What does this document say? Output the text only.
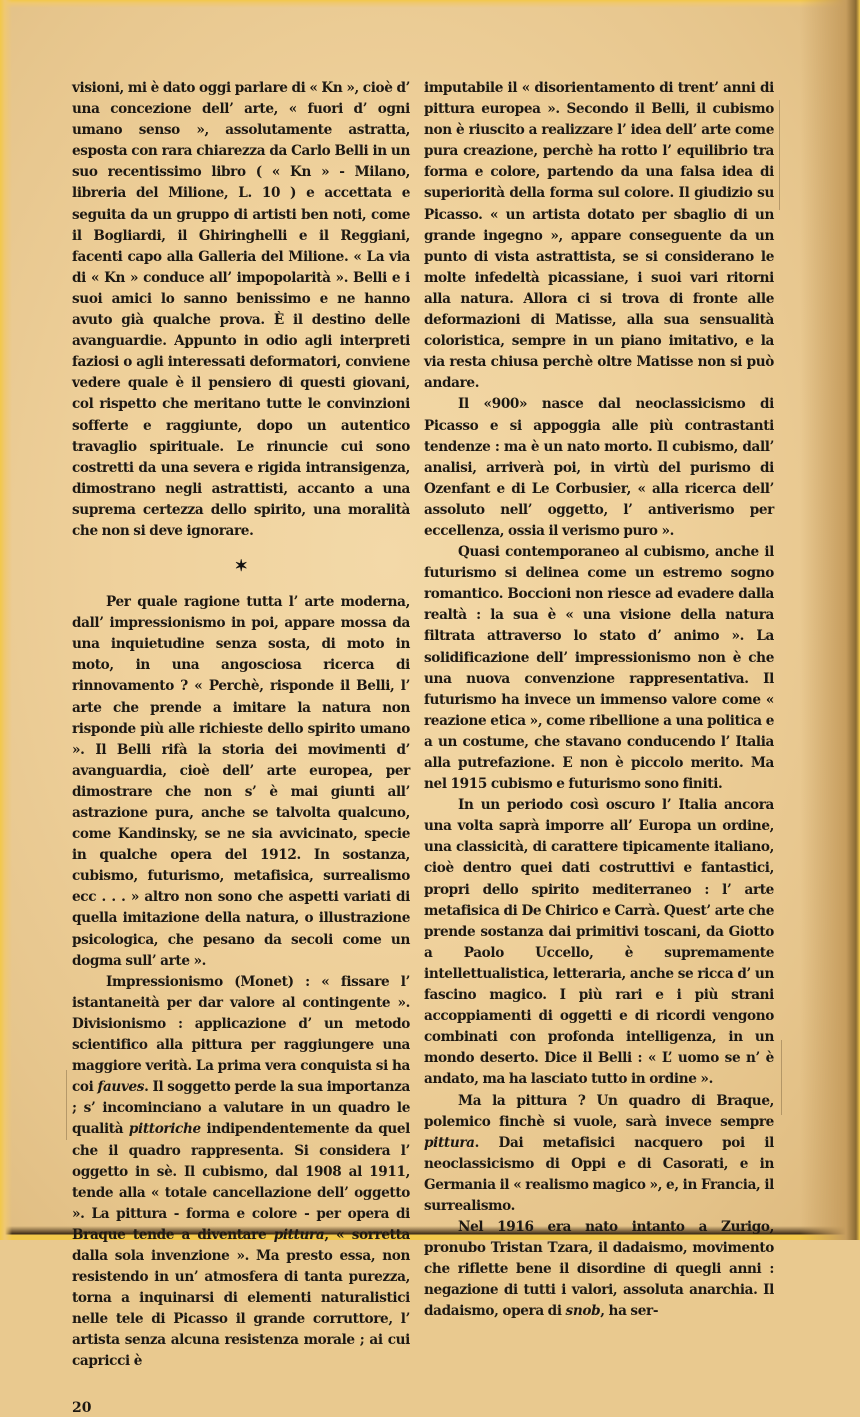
visioni, mi è dato oggi parlare di « Kn », cioè d’ una concezione dell’ arte, « fuori d’ ogni umano senso », assolutamente astratta, esposta con rara chiarezza da Carlo Belli in un suo recentissimo libro ( « Kn » - Milano, libreria del Milione, L. 10 ) e accettata e seguita da un gruppo di artisti ben noti, come il Bogliardi, il Ghiringhelli e il Reggiani, facenti capo alla Galleria del Milione. « La via di « Kn » conduce all’ impopolarità ». Belli e i suoi amici lo sanno benissimo e ne hanno avuto già qualche prova. È il destino delle avanguardie. Appunto in odio agli interpreti faziosi o agli interessati deformatori, conviene vedere quale è il pensiero di questi giovani, col rispetto che meritano tutte le convinzioni sofferte e raggiunte, dopo un autentico travaglio spirituale. Le rinuncie cui sono costretti da una severa e rigida intransigenza, dimostrano negli astrattisti, accanto a una suprema certezza dello spirito, una moralità che non si deve ignorare.

✶

Per quale ragione tutta l’ arte moderna, dall’ impressionismo in poi, appare mossa da una inquietudine senza sosta, di moto in moto, in una angosciosa ricerca di rinnovamento ? « Perchè, risponde il Belli, l’ arte che prende a imitare la natura non risponde più alle richieste dello spirito umano ». Il Belli rifà la storia dei movimenti d’ avanguardia, cioè dell’ arte europea, per dimostrare che non s’ è mai giunti all’ astrazione pura, anche se talvolta qualcuno, come Kandinsky, se ne sia avvicinato, specie in qualche opera del 1912. In sostanza, cubismo, futurismo, metafisica, surrealismo ecc . . . » altro non sono che aspetti variati di quella imitazione della natura, o illustrazione psicologica, che pesano da secoli come un dogma sull’ arte ».

Impressionismo (Monet) : « fissare l’ istantaneità per dar valore al contingente ». Divisionismo : applicazione d’ un metodo scientifico alla pittura per raggiungere una maggiore verità. La prima vera conquista si ha coi fauves. Il soggetto perde la sua importanza ; s’ incominciano a valutare in un quadro le qualità pittoriche indipendentemente da quel che il quadro rappresenta. Si considera l’ oggetto in sè. Il cubismo, dal 1908 al 1911, tende alla « totale cancellazione dell’ oggetto ». La pittura - forma e colore - per opera di Braque tende a diventare pittura, « sorretta dalla sola invenzione ». Ma presto essa, non resistendo in un’ atmosfera di tanta purezza, torna a inquinarsi di elementi naturalistici nelle tele di Picasso il grande corruttore, l’ artista senza alcuna resistenza morale ; ai cui capricci è

20

imputabile il « disorientamento di trent’ anni di pittura europea ». Secondo il Belli, il cubismo non è riuscito a realizzare l’ idea dell’ arte come pura creazione, perchè ha rotto l’ equilibrio tra forma e colore, partendo da una falsa idea di superiorità della forma sul colore. Il giudizio su Picasso. « un artista dotato per sbaglio di un grande ingegno », appare conseguente da un punto di vista astrattista, se si considerano le molte infedeltà picassiane, i suoi vari ritorni alla natura. Allora ci si trova di fronte alle deformazioni di Matisse, alla sua sensualità coloristica, sempre in un piano imitativo, e la via resta chiusa perchè oltre Matisse non si può andare.

Il «900» nasce dal neoclassicismo di Picasso e si appoggia alle più contrastanti tendenze : ma è un nato morto. Il cubismo, dall’ analisi, arriverà poi, in virtù del purismo di Ozenfant e di Le Corbusier, « alla ricerca dell’ assoluto nell’ oggetto, l’ antiverismo per eccellenza, ossia il verismo puro ».

Quasi contemporaneo al cubismo, anche il futurismo si delinea come un estremo sogno romantico. Boccioni non riesce ad evadere dalla realtà : la sua è « una visione della natura filtrata attraverso lo stato d’ animo ». La solidificazione dell’ impressionismo non è che una nuova convenzione rappresentativa. Il futurismo ha invece un immenso valore come « reazione etica », come ribellione a una politica e a un costume, che stavano conducendo l’ Italia alla putrefazione. E non è piccolo merito. Ma nel 1915 cubismo e futurismo sono finiti.

In un periodo così oscuro l’ Italia ancora una volta saprà imporre all’ Europa un ordine, una classicità, di carattere tipicamente italiano, cioè dentro quei dati costruttivi e fantastici, propri dello spirito mediterraneo : l’ arte metafisica di De Chirico e Carrà. Quest’ arte che prende sostanza dai primitivi toscani, da Giotto a Paolo Uccello, è supremamente intellettualistica, letteraria, anche se ricca d’ un fascino magico. I più rari e i più strani accoppiamenti di oggetti e di ricordi vengono combinati con profonda intelligenza, in un mondo deserto. Dice il Belli : « L’ uomo se n’ è andato, ma ha lasciato tutto in ordine ».

Ma la pittura ? Un quadro di Braque, polemico finchè si vuole, sarà invece sempre pittura. Dai metafisici nacquero poi il neoclassicismo di Oppi e di Casorati, e in Germania il « realismo magico », e, in Francia, il surrealismo.

Nel 1916 era nato intanto a Zurigo, pronubo Tristan Tzara, il dadaismo, movimento che riflette bene il disordine di quegli anni : negazione di tutti i valori, assoluta anarchia. Il dadaismo, opera di snob, ha ser-
